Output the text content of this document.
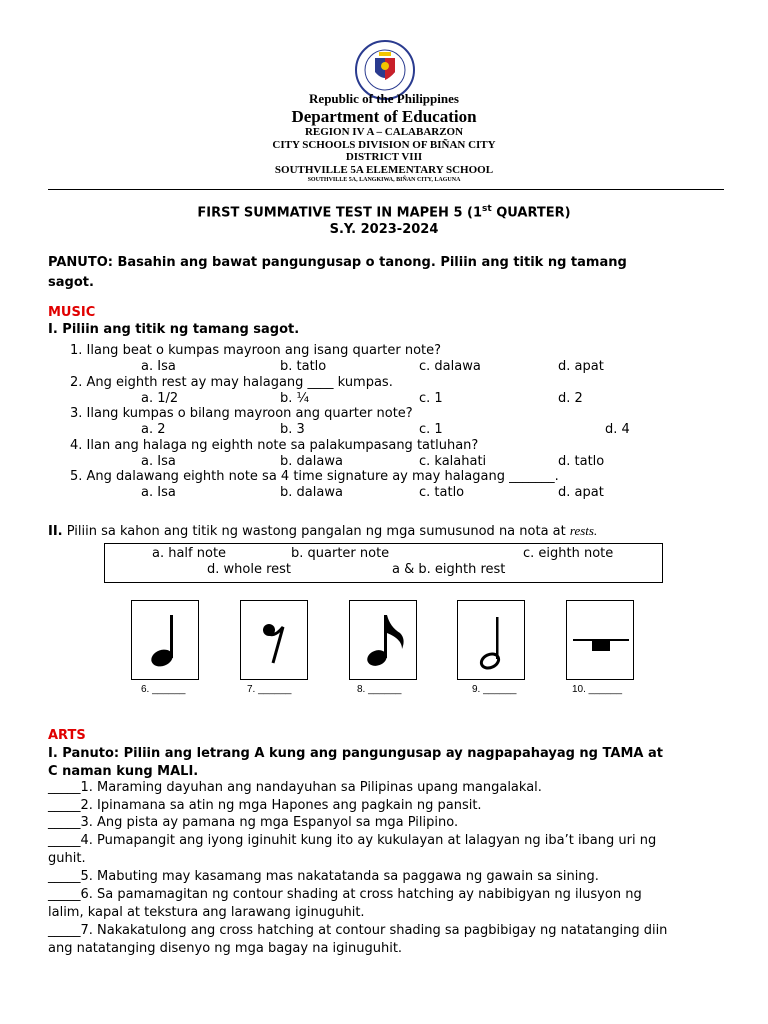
Republic of the Philippines
Department of Education
REGION IV A – CALABARZON
CITY SCHOOLS DIVISION OF BIÑAN CITY
DISTRICT VIII
SOUTHVILLE 5A ELEMENTARY SCHOOL
SOUTHVILLE 5A, LANGKIWA, BIÑAN CITY, LAGUNA
FIRST SUMMATIVE TEST IN MAPEH 5 (1st QUARTER)
S.Y. 2023-2024
PANUTO: Basahin ang bawat pangungusap o tanong. Piliin ang titik ng tamang
sagot.
MUSIC
I. Piliin ang titik ng tamang sagot.
1. Ilang beat o kumpas mayroon ang isang quarter note?
a. Isa	b. tatlo	c. dalawa	d. apat
2. Ang eighth rest ay may halagang ____ kumpas.
a. 1/2	b. ¼	c. 1	d. 2
3. Ilang kumpas o bilang mayroon ang quarter note?
a. 2	b. 3	c. 1	d. 4
4. Ilan ang halaga ng eighth note sa palakumpasang tatluhan?
a. Isa	b. dalawa	c. kalahati	d. tatlo
5. Ang dalawang eighth note sa 4 time signature ay may halagang _______.
a. Isa	b. dalawa	c. tatlo	d. apat
II. Piliin sa kahon ang titik ng wastong pangalan ng mga sumusunod na nota at rests.
a. half note	b. quarter note	c. eighth note
d. whole rest	a & b. eighth rest
6. ______	7. ______	8. ______	9. ______	10. ______
ARTS
I. Panuto: Piliin ang letrang A kung ang pangungusap ay nagpapahayag ng TAMA at
C naman kung MALI.
_____1. Maraming dayuhan ang nandayuhan sa Pilipinas upang mangalakal.
_____2. Ipinamana sa atin ng mga Hapones ang pagkain ng pansit.
_____3. Ang pista ay pamana ng mga Espanyol sa mga Pilipino.
_____4. Pumapangit ang iyong iginuhit kung ito ay kukulayan at lalagyan ng iba’t ibang uri ng
guhit.
_____5. Mabuting may kasamang mas nakatatanda sa paggawa ng gawain sa sining.
_____6. Sa pamamagitan ng contour shading at cross hatching ay nabibigyan ng ilusyon ng
lalim, kapal at tekstura ang larawang iginuguhit.
_____7. Nakakatulong ang cross hatching at contour shading sa pagbibigay ng natatanging diin
ang natatanging disenyo ng mga bagay na iginuguhit.
